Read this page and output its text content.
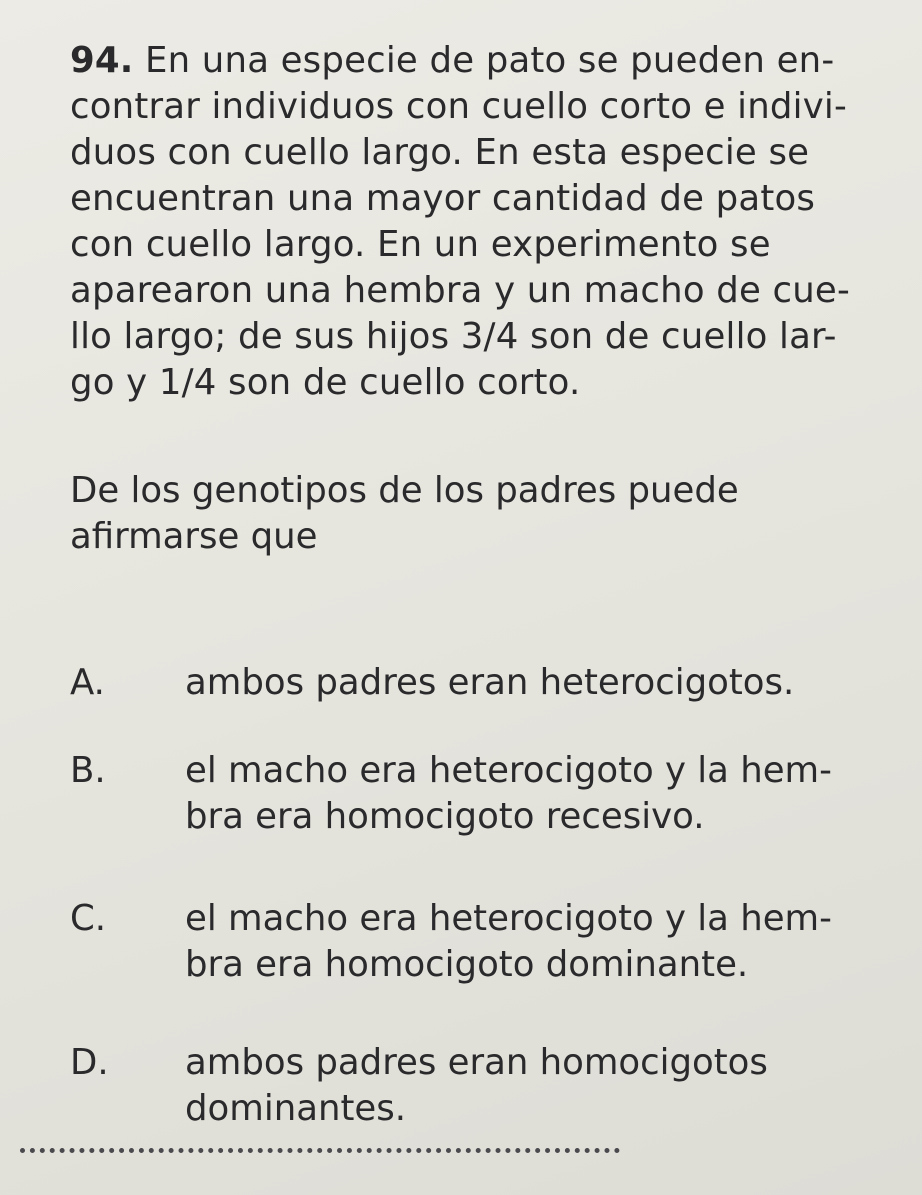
94. En una especie de pato se pueden en-
contrar individuos con cuello corto e indivi-
duos con cuello largo. En esta especie se
encuentran una mayor cantidad de patos
con cuello largo. En un experimento se
aparearon una hembra y un macho de cue-
llo largo; de sus hijos 3/4 son de cuello lar-
go y 1/4 son de cuello corto.
De los genotipos de los padres puede
afirmarse que
A.	ambos padres eran heterocigotos.
B.	el macho era heterocigoto y la hem-
bra era homocigoto recesivo.
C.	el macho era heterocigoto y la hem-
bra era homocigoto dominante.
D.	ambos padres eran homocigotos
dominantes.
